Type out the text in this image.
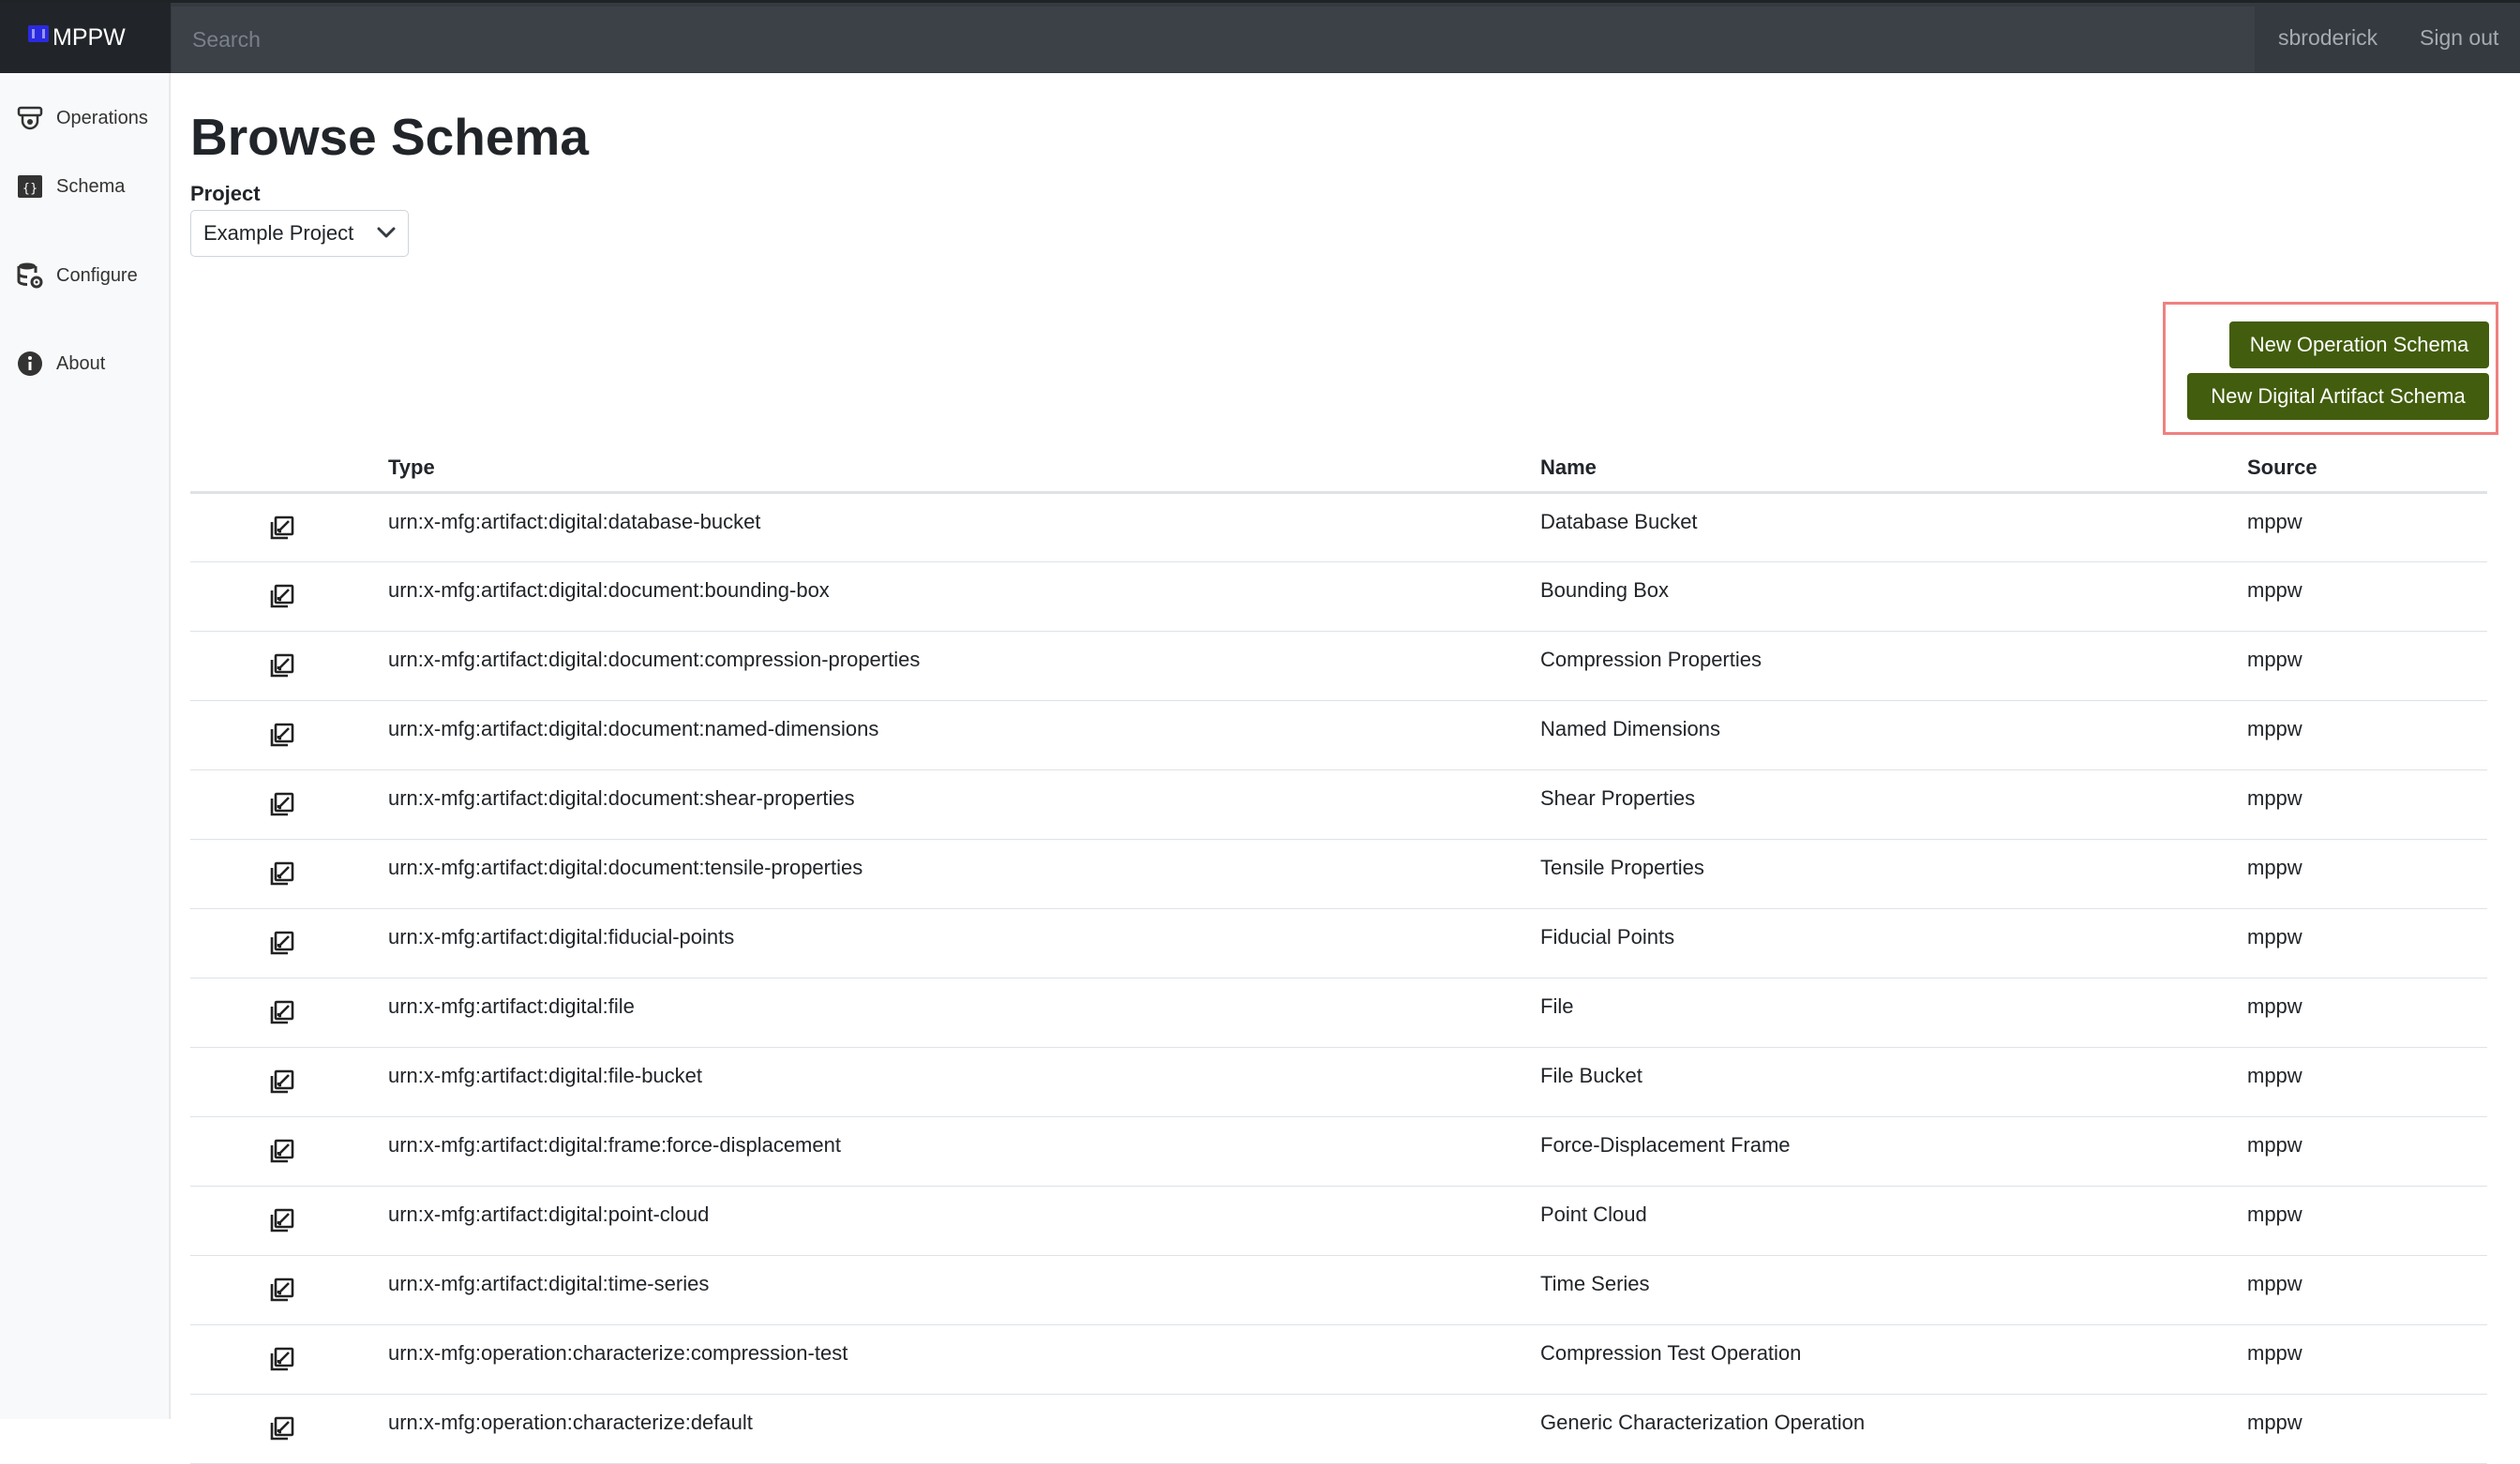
MPPW
Search	sbroderick Sign out
Operations
{} Schema
Configure
About
Browse Schema
Project
Example Project
New Operation Schema
New Digital Artifact Schema
	Type	Name	Source
	urn:x-mfg:artifact:digital:database-bucket	Database Bucket	mppw
	urn:x-mfg:artifact:digital:document:bounding-box	Bounding Box	mppw
	urn:x-mfg:artifact:digital:document:compression-properties	Compression Properties	mppw
	urn:x-mfg:artifact:digital:document:named-dimensions	Named Dimensions	mppw
	urn:x-mfg:artifact:digital:document:shear-properties	Shear Properties	mppw
	urn:x-mfg:artifact:digital:document:tensile-properties	Tensile Properties	mppw
	urn:x-mfg:artifact:digital:fiducial-points	Fiducial Points	mppw
	urn:x-mfg:artifact:digital:file	File	mppw
	urn:x-mfg:artifact:digital:file-bucket	File Bucket	mppw
	urn:x-mfg:artifact:digital:frame:force-displacement	Force-Displacement Frame	mppw
	urn:x-mfg:artifact:digital:point-cloud	Point Cloud	mppw
	urn:x-mfg:artifact:digital:time-series	Time Series	mppw
	urn:x-mfg:operation:characterize:compression-test	Compression Test Operation	mppw
	urn:x-mfg:operation:characterize:default	Generic Characterization Operation	mppw
